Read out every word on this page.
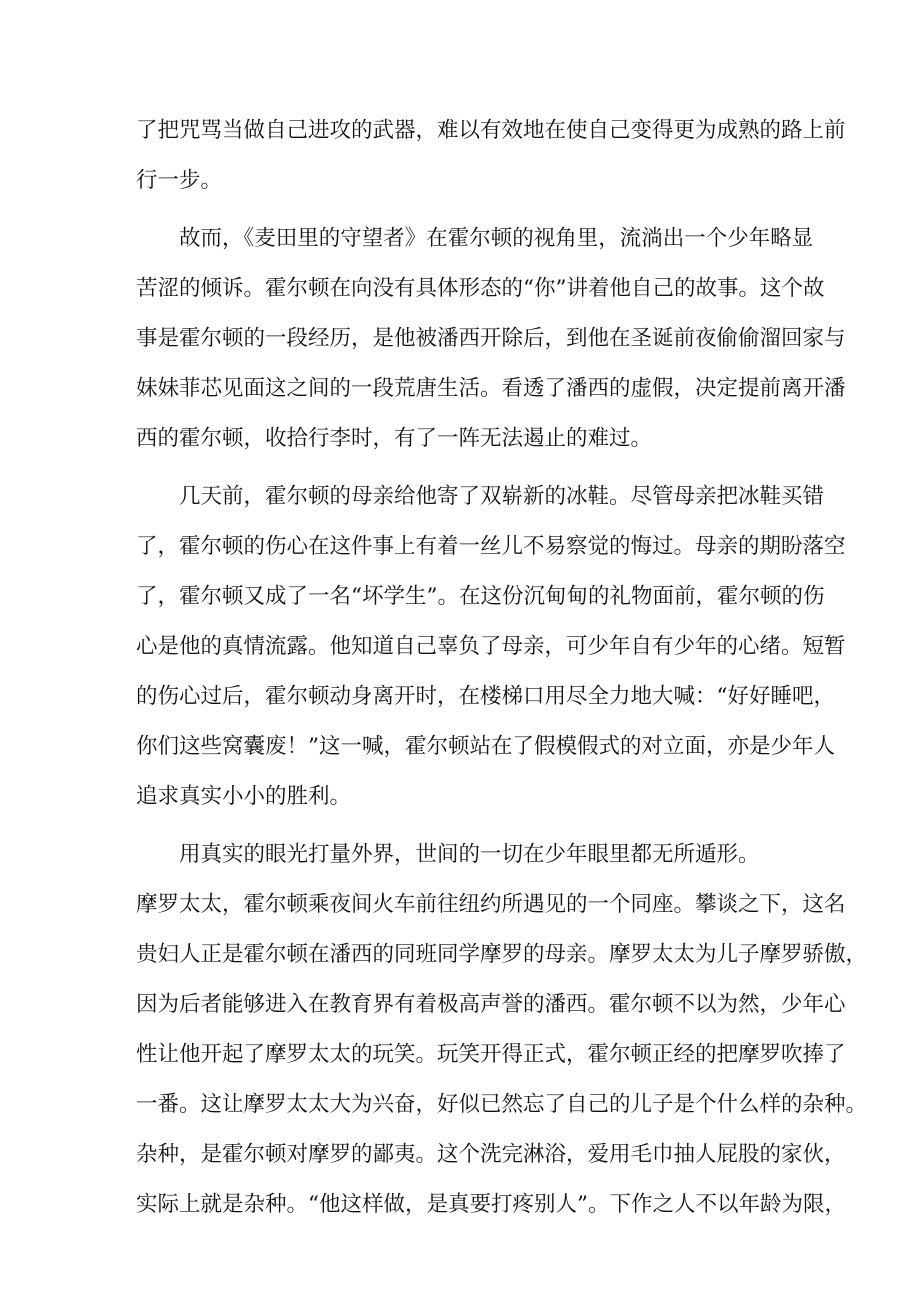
了把咒骂当做自己进攻的武器，难以有效地在使自己变得更为成熟的路上前
行一步。
故而，《麦田里的守望者》在霍尔顿的视角里，流淌出一个少年略显
苦涩的倾诉。霍尔顿在向没有具体形态的“你”讲着他自己的故事。这个故
事是霍尔顿的一段经历，是他被潘西开除后，到他在圣诞前夜偷偷溜回家与
妹妹菲芯见面这之间的一段荒唐生活。看透了潘西的虚假，决定提前离开潘
西的霍尔顿，收拾行李时，有了一阵无法遏止的难过。
几天前，霍尔顿的母亲给他寄了双崭新的冰鞋。尽管母亲把冰鞋买错
了，霍尔顿的伤心在这件事上有着一丝儿不易察觉的悔过。母亲的期盼落空
了，霍尔顿又成了一名“坏学生”。在这份沉甸甸的礼物面前，霍尔顿的伤
心是他的真情流露。他知道自己辜负了母亲，可少年自有少年的心绪。短暂
的伤心过后，霍尔顿动身离开时，在楼梯口用尽全力地大喊：“好好睡吧，
你们这些窝囊废！”这一喊，霍尔顿站在了假模假式的对立面，亦是少年人
追求真实小小的胜利。
用真实的眼光打量外界，世间的一切在少年眼里都无所遁形。
摩罗太太，霍尔顿乘夜间火车前往纽约所遇见的一个同座。攀谈之下，这名
贵妇人正是霍尔顿在潘西的同班同学摩罗的母亲。摩罗太太为儿子摩罗骄傲，
因为后者能够进入在教育界有着极高声誉的潘西。霍尔顿不以为然，少年心
性让他开起了摩罗太太的玩笑。玩笑开得正式，霍尔顿正经的把摩罗吹捧了
一番。这让摩罗太太大为兴奋，好似已然忘了自己的儿子是个什么样的杂种。
杂种，是霍尔顿对摩罗的鄙夷。这个洗完淋浴，爱用毛巾抽人屁股的家伙，
实际上就是杂种。“他这样做，是真要打疼别人”。下作之人不以年龄为限，
